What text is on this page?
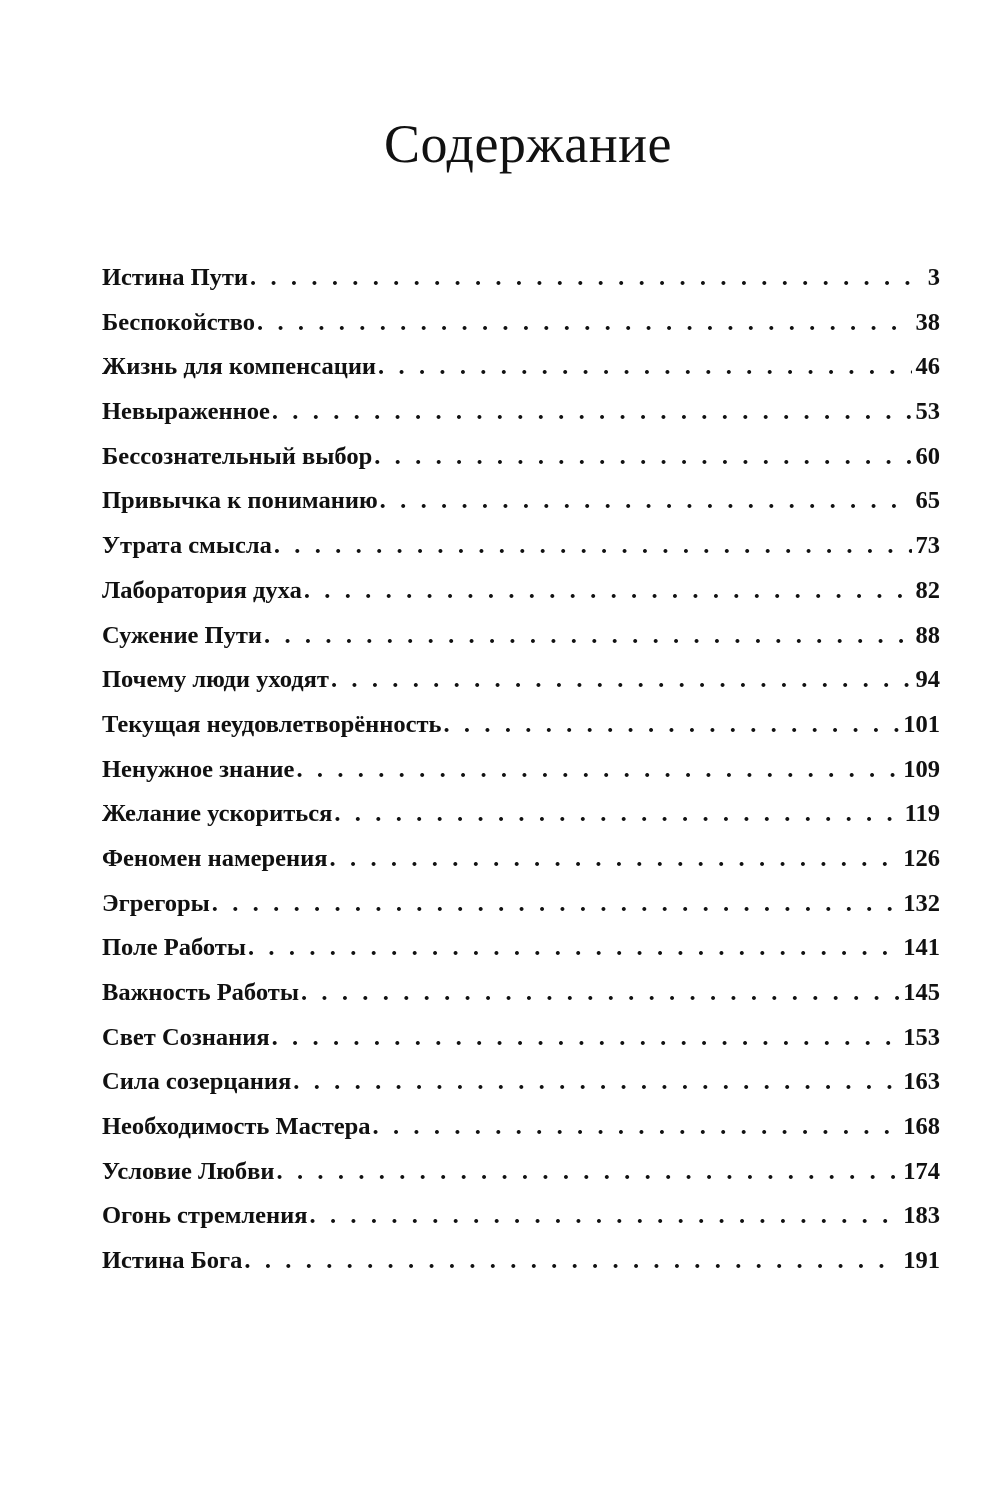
Содержание
Истина Пути . . .	3
Беспокойство . . .	38
Жизнь для компенсации . . .	46
Невыраженное . . .	53
Бессознательный выбор . . .	60
Привычка к пониманию . . .	65
Утрата смысла . . .	73
Лаборатория духа . . .	82
Сужение Пути . . .	88
Почему люди уходят . . .	94
Текущая неудовлетворённость . . .	101
Ненужное знание . . .	109
Желание ускориться . . .	119
Феномен намерения . . .	126
Эгрегоры . . .	132
Поле Работы . . .	141
Важность Работы . . .	145
Свет Сознания . . .	153
Сила созерцания . . .	163
Необходимость Мастера . . .	168
Условие Любви . . .	174
Огонь стремления . . .	183
Истина Бога . . .	191
